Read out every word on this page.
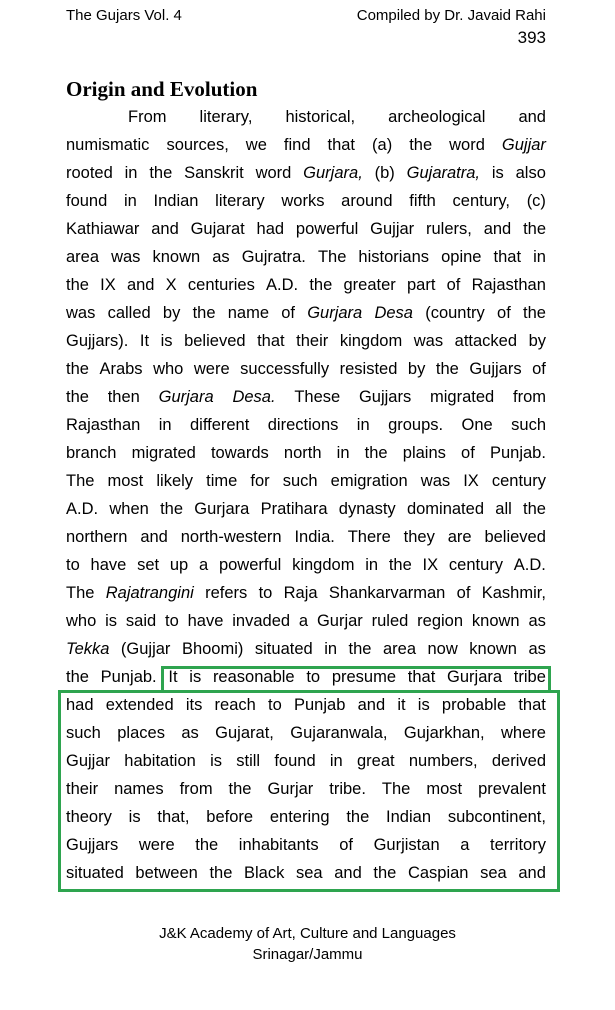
The Gujars Vol. 4	Compiled by Dr. Javaid Rahi
393
Origin and Evolution
From literary, historical, archeological and
numismatic sources, we find that (a) the word Gujjar
rooted in the Sanskrit word Gurjara, (b) Gujaratra, is also
found in Indian literary works around fifth century, (c)
Kathiawar and Gujarat had powerful Gujjar rulers, and the
area was known as Gujratra. The historians opine that in
the IX and X centuries A.D. the greater part of Rajasthan
was called by the name of Gurjara Desa (country of the
Gujjars). It is believed that their kingdom was attacked by
the Arabs who were successfully resisted by the Gujjars of
the then Gurjara Desa. These Gujjars migrated from
Rajasthan in different directions in groups. One such
branch migrated towards north in the plains of Punjab.
The most likely time for such emigration was IX century
A.D. when the Gurjara Pratihara dynasty dominated all the
northern and north-western India. There they are believed
to have set up a powerful kingdom in the IX century A.D.
The Rajatrangini refers to Raja Shankarvarman of Kashmir,
who is said to have invaded a Gurjar ruled region known as
Tekka (Gujjar Bhoomi) situated in the area now known as
the Punjab. It is reasonable to presume that Gurjara tribe
had extended its reach to Punjab and it is probable that
such places as Gujarat, Gujaranwala, Gujarkhan, where
Gujjar habitation is still found in great numbers, derived
their names from the Gurjar tribe. The most prevalent
theory is that, before entering the Indian subcontinent,
Gujjars were the inhabitants of Gurjistan a territory
situated between the Black sea and the Caspian sea and
J&K Academy of Art, Culture and Languages
Srinagar/Jammu
